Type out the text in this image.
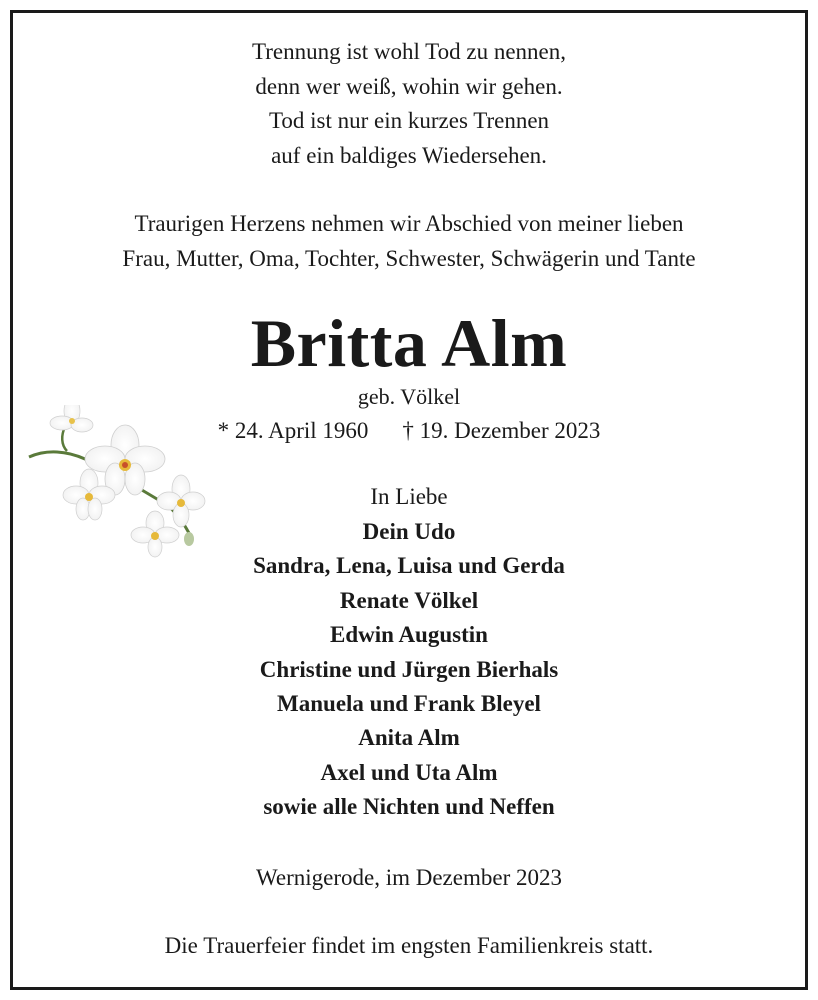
Trennung ist wohl Tod zu nennen,
denn wer weiß, wohin wir gehen.
Tod ist nur ein kurzes Trennen
auf ein baldiges Wiedersehen.
Traurigen Herzens nehmen wir Abschied von meiner lieben
Frau, Mutter, Oma, Tochter, Schwester, Schwägerin und Tante
Britta Alm
geb. Völkel
* 24. April 1960 † 19. Dezember 2023
In Liebe
Dein Udo
Sandra, Lena, Luisa und Gerda
Renate Völkel
Edwin Augustin
Christine und Jürgen Bierhals
Manuela und Frank Bleyel
Anita Alm
Axel und Uta Alm
sowie alle Nichten und Neffen
Wernigerode, im Dezember 2023
Die Trauerfeier findet im engsten Familienkreis statt.
